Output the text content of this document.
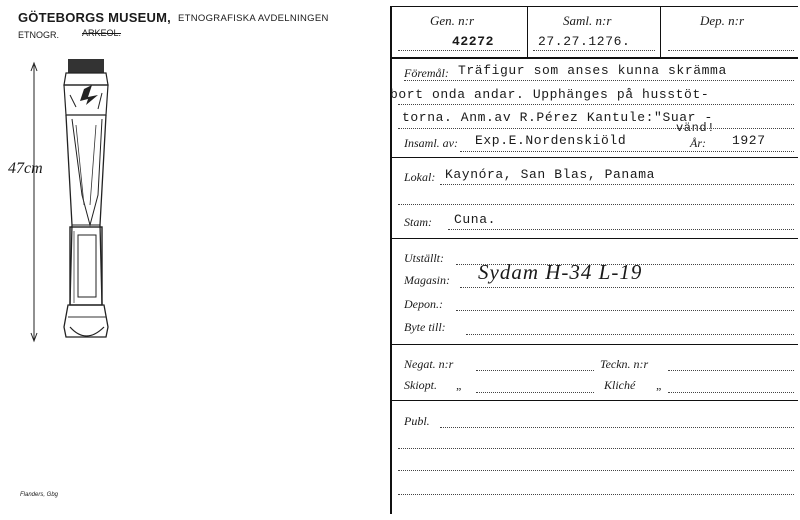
GÖTEBORGS MUSEUM, ETNOGRAFISKA AVDELNINGEN
ETNOGR.	ARKEOL.
47cm
Flanders, Gbg
Gen. n:r
42272
Saml. n:r
27.27.1276.
Dep. n:r
Föremål: Träfigur som anses kunna skrämma
bort onda andar. Upphänges på husstöt-
torna. Anm.av R.Pérez Kantule:"Suar -
vänd!
Insaml. av: Exp.E.Nordenskiöld	År: 1927
Lokal: Kaynóra, San Blas, Panama
Stam: Cuna.
Utställt:
Magasin: Sydam H-34 L-19
Depon.:
Byte till:
Negat. n:r	Teckn. n:r
Skiopt. „	Kliché „
Publ.
